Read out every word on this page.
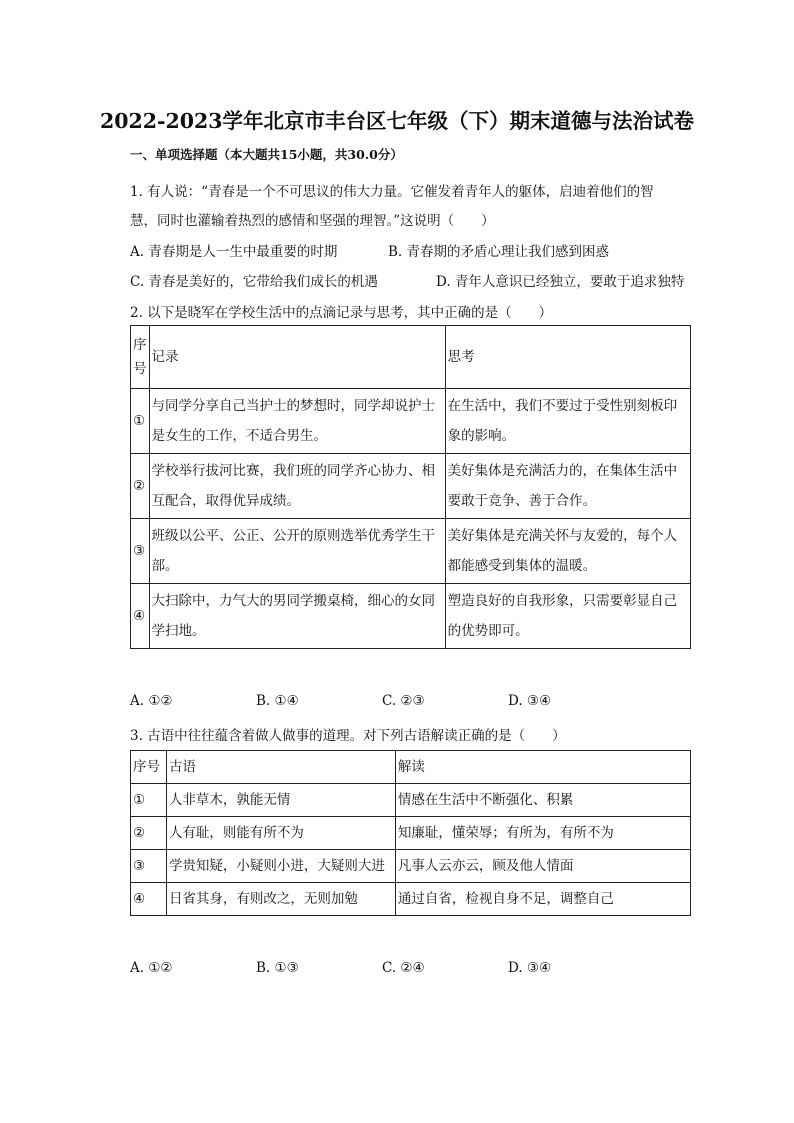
2022-2023学年北京市丰台区七年级（下）期末道德与法治试卷
一、单项选择题（本大题共15小题，共30.0分）
1. 有人说：“青春是一个不可思议的伟大力量。它催发着青年人的躯体，启迪着他们的智
慧，同时也灌输着热烈的感情和坚强的理智。”这说明（　　）
A. 青春期是人一生中最重要的时期	B. 青春期的矛盾心理让我们感到困惑
C. 青春是美好的，它带给我们成长的机遇	D. 青年人意识已经独立，要敢于追求独特
2. 以下是晓军在学校生活中的点滴记录与思考，其中正确的是（　　）
序号	记录	思考
①	与同学分享自己当护士的梦想时，同学却说护士是女生的工作，不适合男生。	在生活中，我们不要过于受性别刻板印象的影响。
②	学校举行拔河比赛，我们班的同学齐心协力、相互配合，取得优异成绩。	美好集体是充满活力的，在集体生活中要敢于竞争、善于合作。
③	班级以公平、公正、公开的原则选举优秀学生干部。	美好集体是充满关怀与友爱的，每个人都能感受到集体的温暖。
④	大扫除中，力气大的男同学搬桌椅，细心的女同学扫地。	塑造良好的自我形象，只需要彰显自己的优势即可。
A. ①②	B. ①④	C. ②③	D. ③④
3. 古语中往往蕴含着做人做事的道理。对下列古语解读正确的是（　　）
序号	古语	解读
①	人非草木，孰能无情	情感在生活中不断强化、积累
②	人有耻，则能有所不为	知廉耻，懂荣辱；有所为，有所不为
③	学贵知疑，小疑则小进，大疑则大进	凡事人云亦云，顾及他人情面
④	日省其身，有则改之，无则加勉	通过自省，检视自身不足，调整自己
A. ①②	B. ①③	C. ②④	D. ③④
